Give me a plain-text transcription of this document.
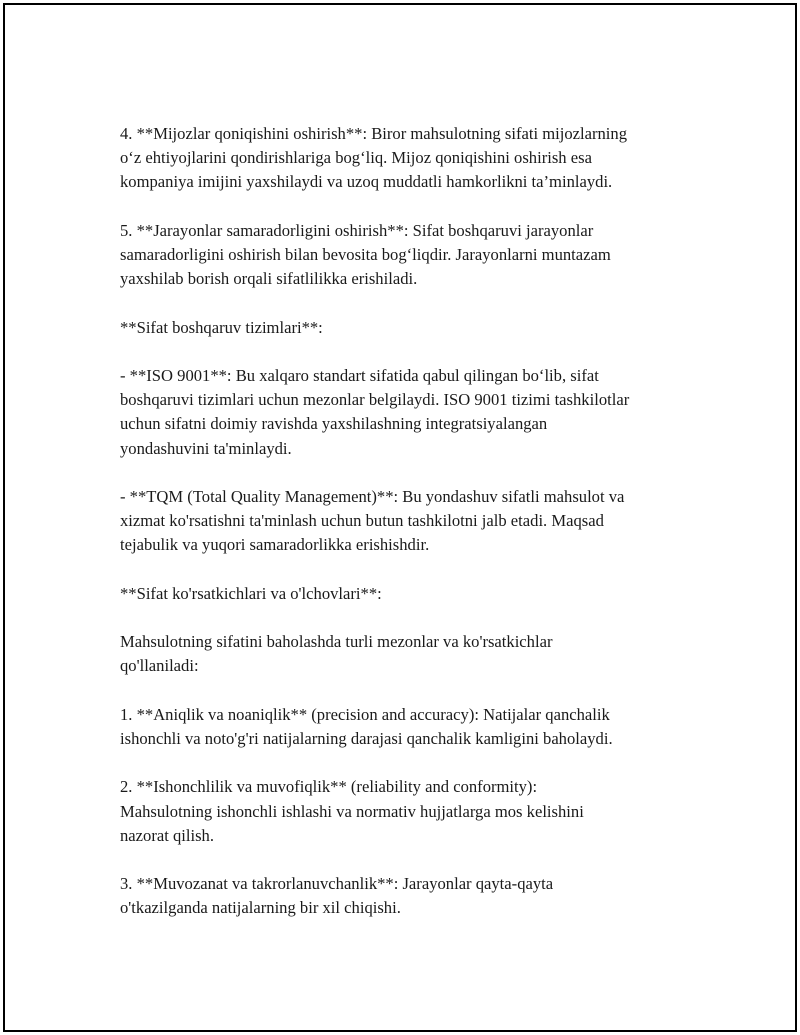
4. **Mijozlar qoniqishini oshirish**: Biror mahsulotning sifati mijozlarning
o‘z ehtiyojlarini qondirishlariga bog‘liq. Mijoz qoniqishini oshirish esa
kompaniya imijini yaxshilaydi va uzoq muddatli hamkorlikni ta’minlaydi.

5. **Jarayonlar samaradorligini oshirish**: Sifat boshqaruvi jarayonlar
samaradorligini oshirish bilan bevosita bog‘liqdir. Jarayonlarni muntazam
yaxshilab borish orqali sifatlilikka erishiladi.

**Sifat boshqaruv tizimlari**:

- **ISO 9001**: Bu xalqaro standart sifatida qabul qilingan bo‘lib, sifat
boshqaruvi tizimlari uchun mezonlar belgilaydi. ISO 9001 tizimi tashkilotlar
uchun sifatni doimiy ravishda yaxshilashning integratsiyalangan
yondashuvini ta'minlaydi.

- **TQM (Total Quality Management)**: Bu yondashuv sifatli mahsulot va
xizmat ko'rsatishni ta'minlash uchun butun tashkilotni jalb etadi. Maqsad
tejabulik va yuqori samaradorlikka erishishdir.

**Sifat ko'rsatkichlari va o'lchovlari**:

Mahsulotning sifatini baholashda turli mezonlar va ko'rsatkichlar
qo'llaniladi:

1. **Aniqlik va noaniqlik** (precision and accuracy): Natijalar qanchalik
ishonchli va noto'g'ri natijalarning darajasi qanchalik kamligini baholaydi.

2. **Ishonchlilik va muvofiqlik** (reliability and conformity):
Mahsulotning ishonchli ishlashi va normativ hujjatlarga mos kelishini
nazorat qilish.

3. **Muvozanat va takrorlanuvchanlik**: Jarayonlar qayta-qayta
o'tkazilganda natijalarning bir xil chiqishi.
